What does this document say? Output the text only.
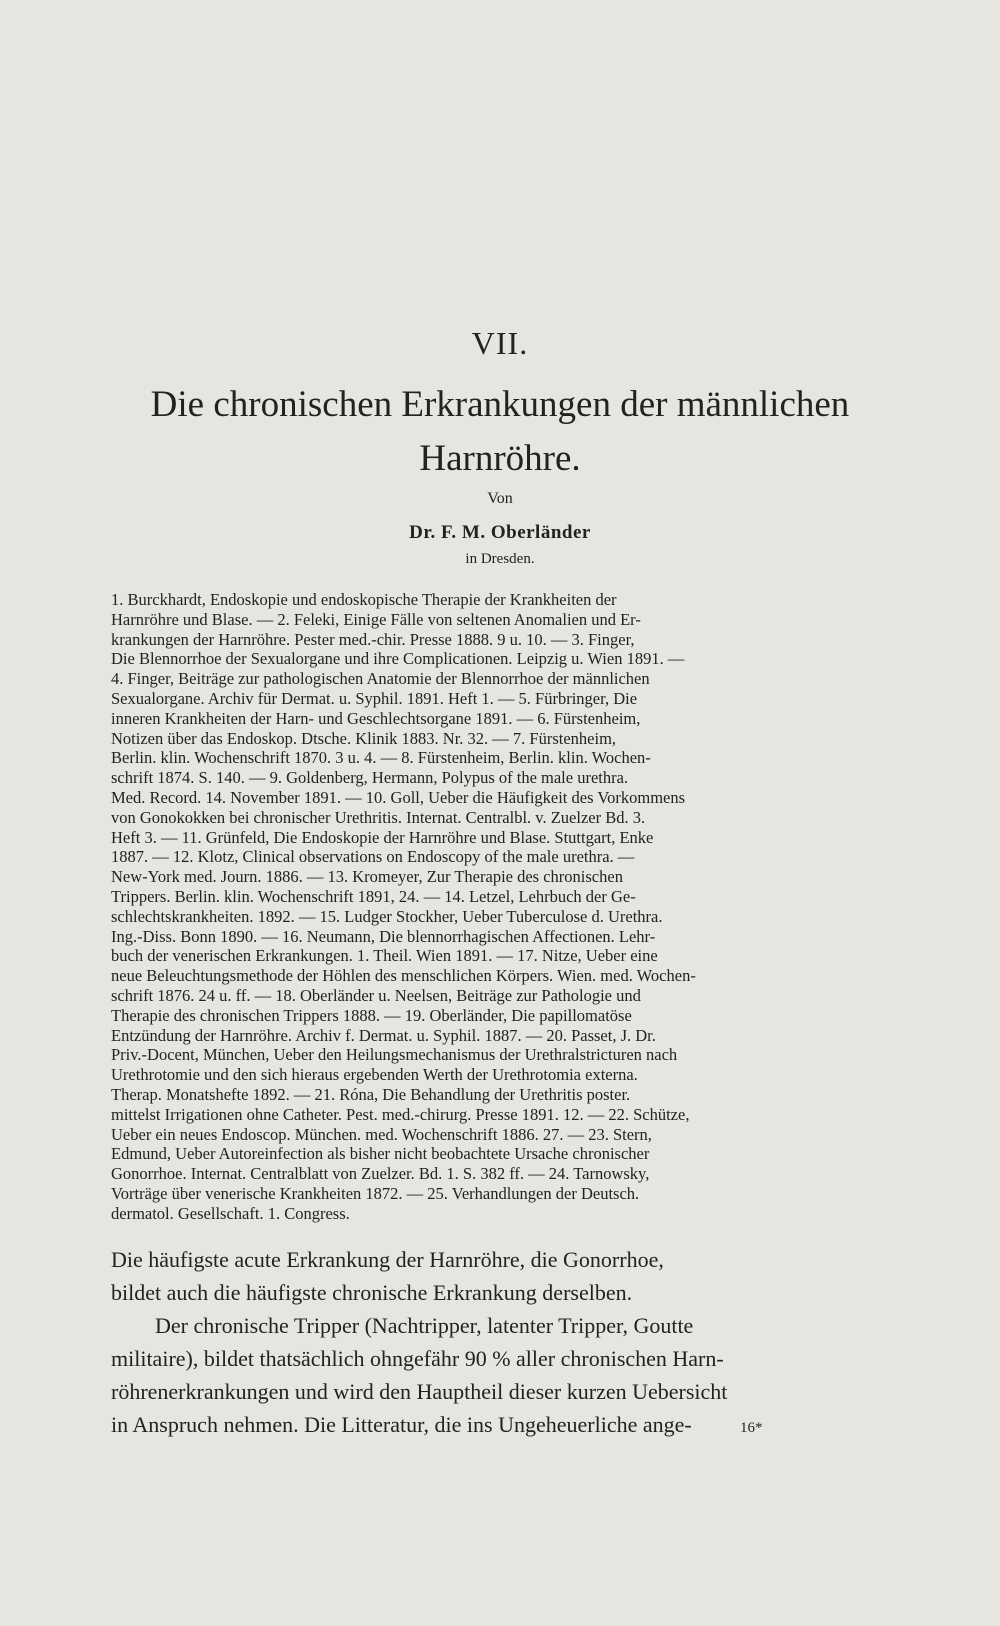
VII.
Die chronischen Erkrankungen der männlichen
Harnröhre.
Von
Dr. F. M. Oberländer
in Dresden.
1. Burckhardt, Endoskopie und endoskopische Therapie der Krankheiten der
Harnröhre und Blase. — 2. Feleki, Einige Fälle von seltenen Anomalien und Er-
krankungen der Harnröhre. Pester med.-chir. Presse 1888. 9 u. 10. — 3. Finger,
Die Blennorrhoe der Sexualorgane und ihre Complicationen. Leipzig u. Wien 1891. —
4. Finger, Beiträge zur pathologischen Anatomie der Blennorrhoe der männlichen
Sexualorgane. Archiv für Dermat. u. Syphil. 1891. Heft 1. — 5. Fürbringer, Die
inneren Krankheiten der Harn- und Geschlechtsorgane 1891. — 6. Fürstenheim,
Notizen über das Endoskop. Dtsche. Klinik 1883. Nr. 32. — 7. Fürstenheim,
Berlin. klin. Wochenschrift 1870. 3 u. 4. — 8. Fürstenheim, Berlin. klin. Wochen-
schrift 1874. S. 140. — 9. Goldenberg, Hermann, Polypus of the male urethra.
Med. Record. 14. November 1891. — 10. Goll, Ueber die Häufigkeit des Vorkommens
von Gonokokken bei chronischer Urethritis. Internat. Centralbl. v. Zuelzer Bd. 3.
Heft 3. — 11. Grünfeld, Die Endoskopie der Harnröhre und Blase. Stuttgart, Enke
1887. — 12. Klotz, Clinical observations on Endoscopy of the male urethra. —
New-York med. Journ. 1886. — 13. Kromeyer, Zur Therapie des chronischen
Trippers. Berlin. klin. Wochenschrift 1891, 24. — 14. Letzel, Lehrbuch der Ge-
schlechtskrankheiten. 1892. — 15. Ludger Stockher, Ueber Tuberculose d. Urethra.
Ing.-Diss. Bonn 1890. — 16. Neumann, Die blennorrhagischen Affectionen. Lehr-
buch der venerischen Erkrankungen. 1. Theil. Wien 1891. — 17. Nitze, Ueber eine
neue Beleuchtungsmethode der Höhlen des menschlichen Körpers. Wien. med. Wochen-
schrift 1876. 24 u. ff. — 18. Oberländer u. Neelsen, Beiträge zur Pathologie und
Therapie des chronischen Trippers 1888. — 19. Oberländer, Die papillomatöse
Entzündung der Harnröhre. Archiv f. Dermat. u. Syphil. 1887. — 20. Passet, J. Dr.
Priv.-Docent, München, Ueber den Heilungsmechanismus der Urethralstricturen nach
Urethrotomie und den sich hieraus ergebenden Werth der Urethrotomia externa.
Therap. Monatshefte 1892. — 21. Róna, Die Behandlung der Urethritis poster.
mittelst Irrigationen ohne Catheter. Pest. med.-chirurg. Presse 1891. 12. — 22. Schütze,
Ueber ein neues Endoscop. München. med. Wochenschrift 1886. 27. — 23. Stern,
Edmund, Ueber Autoreinfection als bisher nicht beobachtete Ursache chronischer
Gonorrhoe. Internat. Centralblatt von Zuelzer. Bd. 1. S. 382 ff. — 24. Tarnowsky,
Vorträge über venerische Krankheiten 1872. — 25. Verhandlungen der Deutsch.
dermatol. Gesellschaft. 1. Congress.
Die häufigste acute Erkrankung der Harnröhre, die Gonorrhoe,
bildet auch die häufigste chronische Erkrankung derselben.
Der chronische Tripper (Nachtripper, latenter Tripper, Goutte
militaire), bildet thatsächlich ohngefähr 90 % aller chronischen Harn-
röhrenerkrankungen und wird den Hauptheil dieser kurzen Uebersicht
in Anspruch nehmen. Die Litteratur, die ins Ungeheuerliche ange-	16*
